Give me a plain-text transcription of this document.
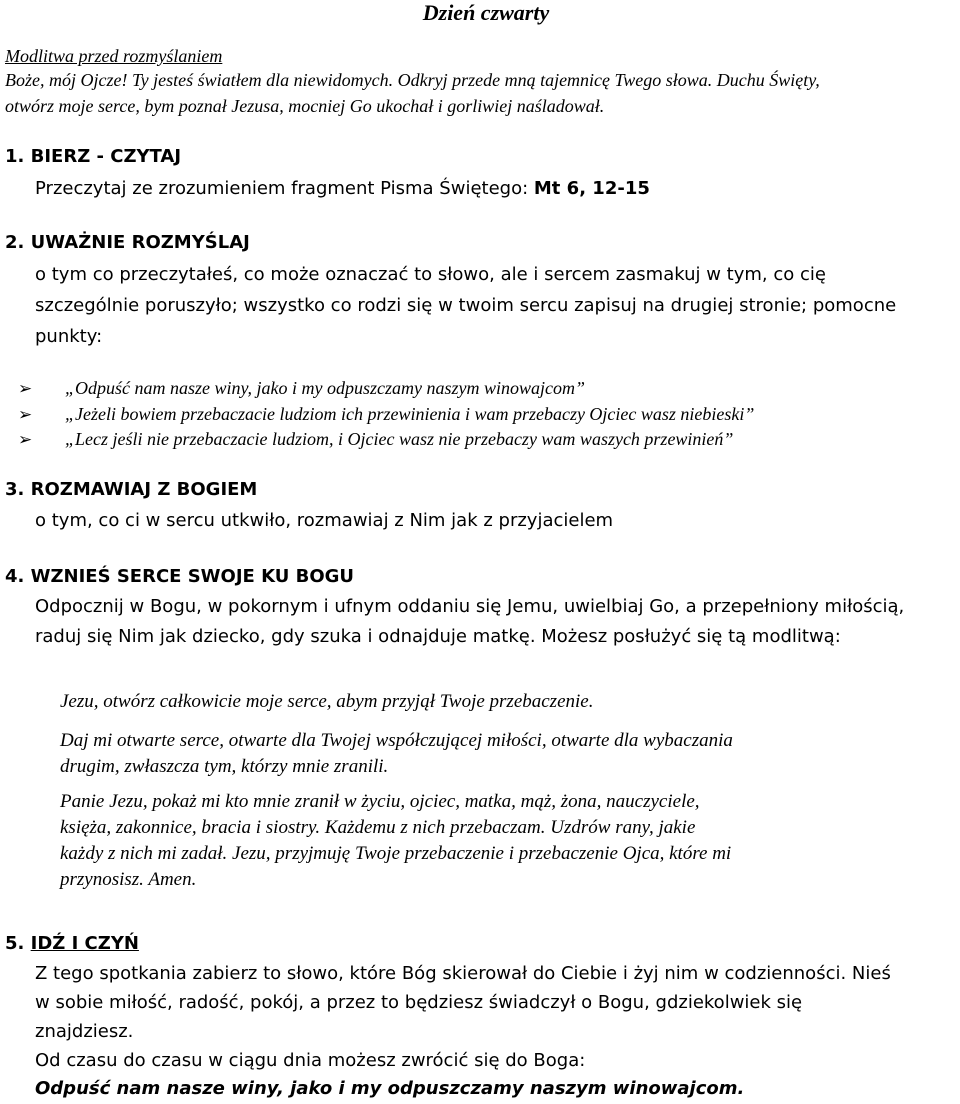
Dzień czwarty
Modlitwa przed rozmyślaniem
Boże, mój Ojcze! Ty jesteś światłem dla niewidomych. Odkryj przede mną tajemnicę Twego słowa. Duchu Święty,
otwórz moje serce, bym poznał Jezusa, mocniej Go ukochał i gorliwiej naśladował.
1. BIERZ - CZYTAJ
Przeczytaj ze zrozumieniem fragment Pisma Świętego: Mt 6, 12-15
2. UWAŻNIE ROZMYŚLAJ
o tym co przeczytałeś, co może oznaczać to słowo, ale i sercem zasmakuj w tym, co cię
szczególnie poruszyło; wszystko co rodzi się w twoim sercu zapisuj na drugiej stronie; pomocne
punkty:
➢ „Odpuść nam nasze winy, jako i my odpuszczamy naszym winowajcom”
➢ „Jeżeli bowiem przebaczacie ludziom ich przewinienia i wam przebaczy Ojciec wasz niebieski”
➢ „Lecz jeśli nie przebaczacie ludziom, i Ojciec wasz nie przebaczy wam waszych przewinień”
3. ROZMAWIAJ Z BOGIEM
o tym, co ci w sercu utkwiło, rozmawiaj z Nim jak z przyjacielem
4. WZNIEŚ SERCE SWOJE KU BOGU
Odpocznij w Bogu, w pokornym i ufnym oddaniu się Jemu, uwielbiaj Go, a przepełniony miłością,
raduj się Nim jak dziecko, gdy szuka i odnajduje matkę. Możesz posłużyć się tą modlitwą:
Jezu, otwórz całkowicie moje serce, abym przyjął Twoje przebaczenie.
Daj mi otwarte serce, otwarte dla Twojej współczującej miłości, otwarte dla wybaczania
drugim, zwłaszcza tym, którzy mnie zranili.
Panie Jezu, pokaż mi kto mnie zranił w życiu, ojciec, matka, mąż, żona, nauczyciele,
księża, zakonnice, bracia i siostry. Każdemu z nich przebaczam. Uzdrów rany, jakie
każdy z nich mi zadał. Jezu, przyjmuję Twoje przebaczenie i przebaczenie Ojca, które mi
przynosisz. Amen.
5. IDŹ I CZYŃ
Z tego spotkania zabierz to słowo, które Bóg skierował do Ciebie i żyj nim w codzienności. Nieś
w sobie miłość, radość, pokój, a przez to będziesz świadczył o Bogu, gdziekolwiek się
znajdziesz.
Od czasu do czasu w ciągu dnia możesz zwrócić się do Boga:
Odpuść nam nasze winy, jako i my odpuszczamy naszym winowajcom.
